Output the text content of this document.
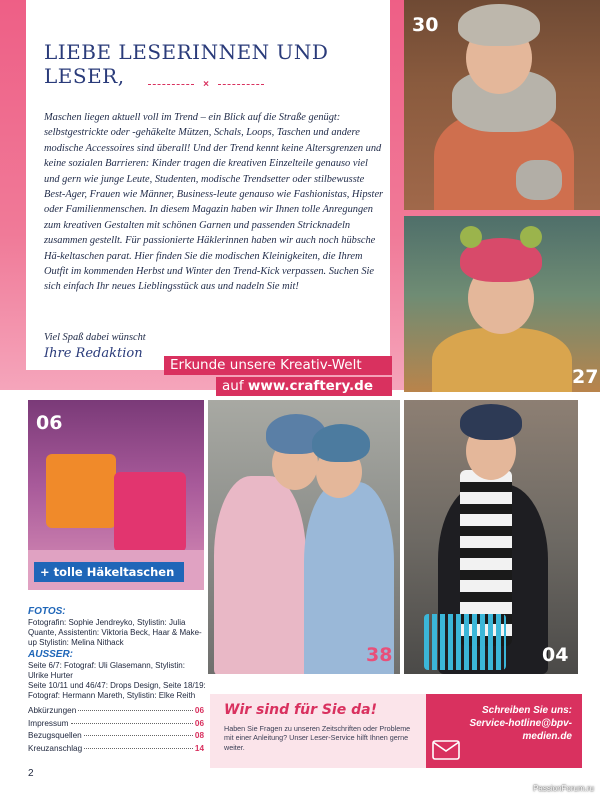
LIEBE LESERINNEN UND LESER,	×
Maschen liegen aktuell voll im Trend – ein Blick auf die Straße genügt: selbstgestrickte oder -gehäkelte Mützen, Schals, Loops, Taschen und andere modische Accessoires sind überall! Und der Trend kennt keine Altersgrenzen und keine sozialen Barrieren: Kinder tragen die kreativen Einzelteile genauso viel und gern wie junge Leute, Studenten, modische Trendsetter oder stilbewusste Best-Ager, Frauen wie Männer, Business-leute genauso wie Fashionistas, Hipster oder Familienmenschen. In diesem Magazin haben wir Ihnen tolle Anregungen zum kreativen Gestalten mit schönen Garnen und passenden Stricknadeln zusammen gestellt. Für passionierte Häklerinnen haben wir auch noch hübsche Hä-keltaschen parat. Hier finden Sie die modischen Kleinigkeiten, die Ihrem Outfit im kommenden Herbst und Winter den Trend-Kick verpassen. Suchen Sie sich einfach Ihr neues Lieblingsstück aus und nadeln Sie mit!
Viel Spaß dabei wünscht
Ihre Redaktion
Erkunde unsere Kreativ-Welt
auf www.craftery.de
30
27
06
+ tolle Häkeltaschen
38	04
FOTOS:

Fotografin: Sophie Jendreyko, Stylistin: Julia Quante, Assistentin: Viktoria Beck, Haar & Make-up Stylistin: Melina Nithack

AUSSER:

Seite 6/7: Fotograf: Uli Glasemann, Stylistin: Ulrike Hurter

Seite 10/11 und 46/47: Drops Design, Seite 18/19: Fotograf: Hermann Mareth, Stylistin: Elke Reith

Abkürzungen	06
Impressum	06
Bezugsquellen	08
Kreuzanschlag	14
2
Wir sind für Sie da!
Haben Sie Fragen zu unseren Zeitschriften oder Probleme mit einer Anleitung? Unser Leser-Service hilft Ihnen gerne weiter.
Schreiben Sie uns:
Service-hotline@bpv-
medien.de
PassionForum.ru
